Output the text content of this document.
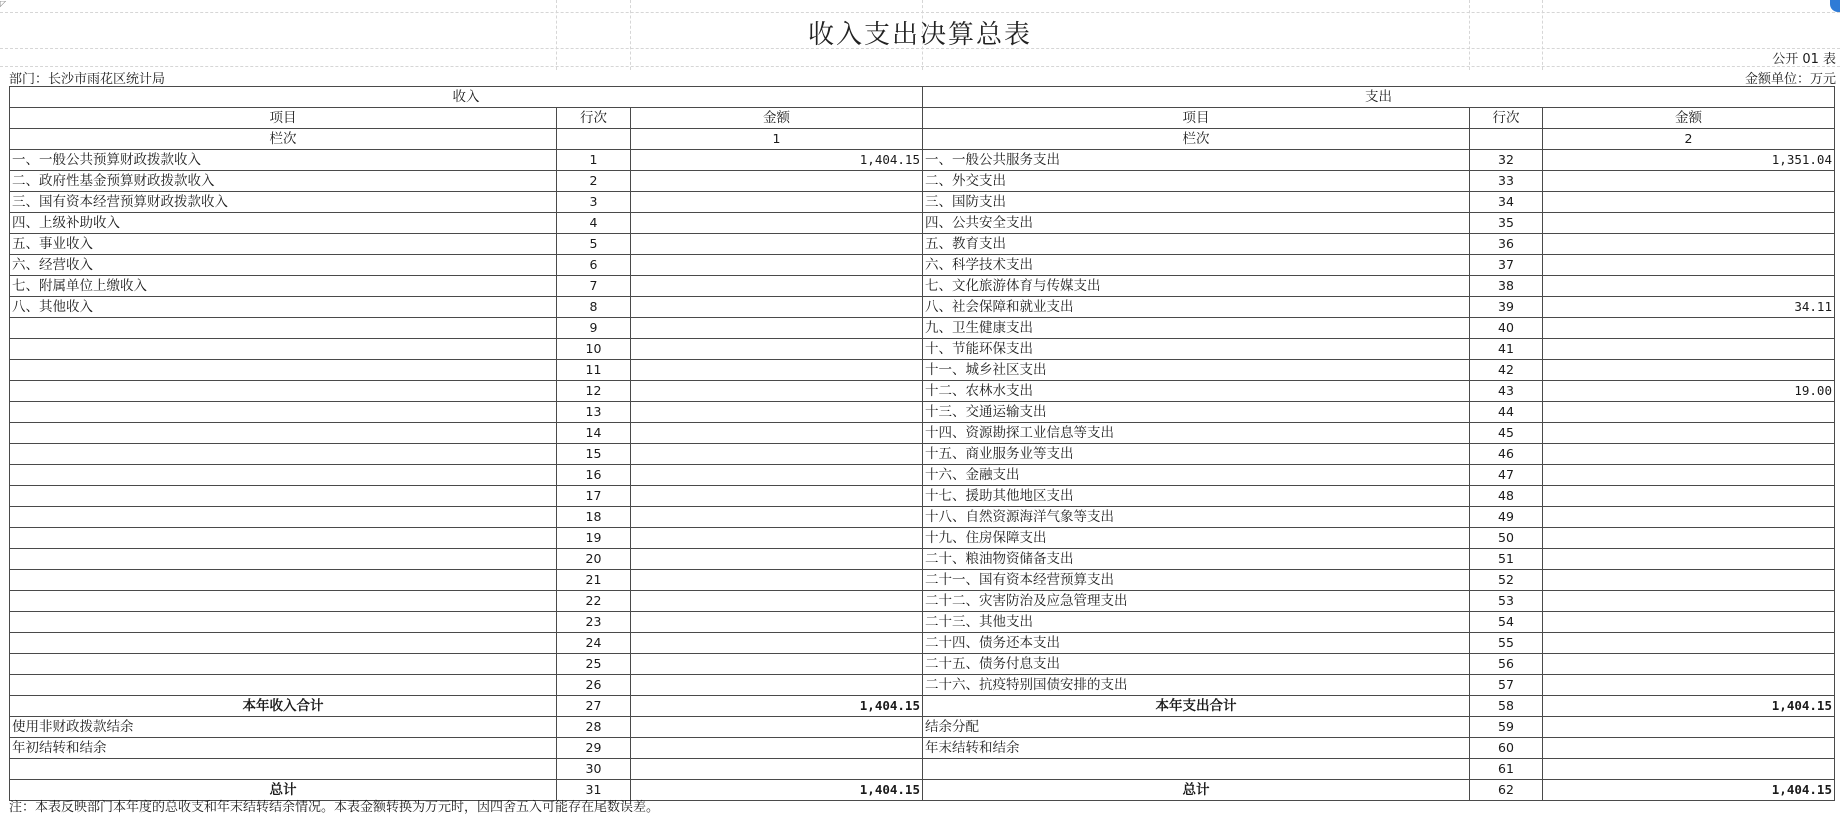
◸
收入支出决算总表
公开 01 表
部门：长沙市雨花区统计局	金额单位：万元
收入			支出		
项目	行次	金额	项目	行次	金额
栏次		1	栏次		2
一、一般公共预算财政拨款收入	1	1,404.15	一、一般公共服务支出	32	1,351.04
二、政府性基金预算财政拨款收入	2		二、外交支出	33	
三、国有资本经营预算财政拨款收入	3		三、国防支出	34	
四、上级补助收入	4		四、公共安全支出	35	
五、事业收入	5		五、教育支出	36	
六、经营收入	6		六、科学技术支出	37	
七、附属单位上缴收入	7		七、文化旅游体育与传媒支出	38	
八、其他收入	8		八、社会保障和就业支出	39	34.11
	9		九、卫生健康支出	40	
	10		十、节能环保支出	41	
	11		十一、城乡社区支出	42	
	12		十二、农林水支出	43	19.00
	13		十三、交通运输支出	44	
	14		十四、资源勘探工业信息等支出	45	
	15		十五、商业服务业等支出	46	
	16		十六、金融支出	47	
	17		十七、援助其他地区支出	48	
	18		十八、自然资源海洋气象等支出	49	
	19		十九、住房保障支出	50	
	20		二十、粮油物资储备支出	51	
	21		二十一、国有资本经营预算支出	52	
	22		二十二、灾害防治及应急管理支出	53	
	23		二十三、其他支出	54	
	24		二十四、债务还本支出	55	
	25		二十五、债务付息支出	56	
	26		二十六、抗疫特别国债安排的支出	57	
本年收入合计	27	1,404.15	本年支出合计	58	1,404.15
使用非财政拨款结余	28		结余分配	59	
年初结转和结余	29		年末结转和结余	60	
	30			61	
总计	31	1,404.15	总计	62	1,404.15
注：本表反映部门本年度的总收支和年末结转结余情况。本表金额转换为万元时，因四舍五入可能存在尾数误差。
